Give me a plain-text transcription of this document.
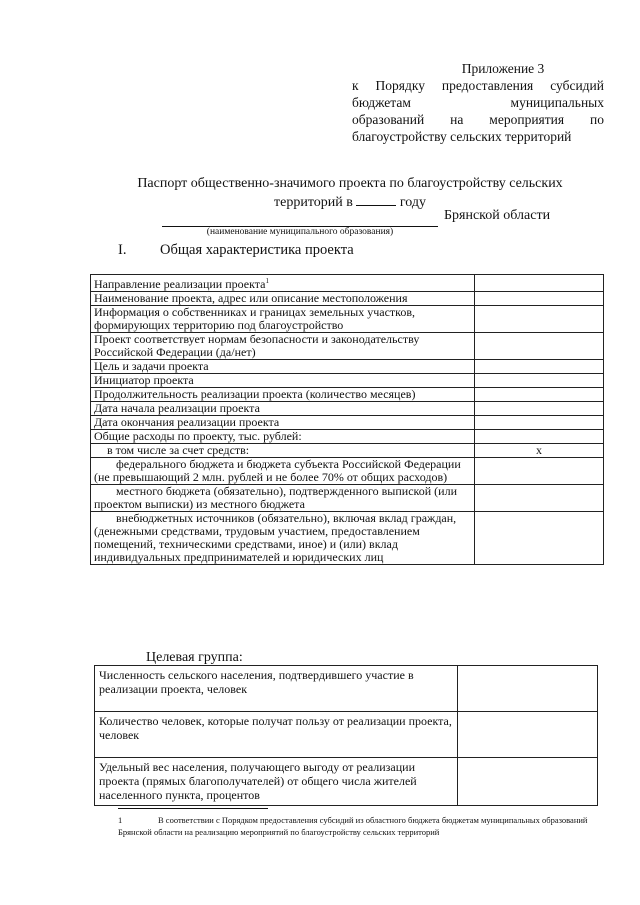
Приложение 3
к Порядку предоставления субсидий
бюджетам муниципальных
образований на мероприятия по
благоустройству сельских территорий
Паспорт общественно-значимого проекта по благоустройству сельских
территорий в	году
Брянской области
(наименование муниципального образования)
I. Общая характеристика проекта
Направление реализации проекта$^1$	
Наименование проекта, адрес или описание местоположения	
Информация о собственниках и границах земельных участков, формирующих территорию под благоустройство	
Проект соответствует нормам безопасности и законодательству Российской Федерации (да/нет)	
Цель и задачи проекта	
Инициатор проекта	
Продолжительность реализации проекта (количество месяцев)	
Дата начала реализации проекта	
Дата окончания реализации проекта	
Общие расходы по проекту, тыс. рублей:	
в том числе за счет средств:	х
федерального бюджета и бюджета субъекта Российской Федерации (не превышающий 2 млн. рублей и не более 70% от общих расходов)	
местного бюджета (обязательно), подтвержденного выпиской (или проектом выписки) из местного бюджета	
внебюджетных источников (обязательно), включая вклад граждан, (денежными средствами, трудовым участием, предоставлением помещений, техническими средствами, иное) и (или) вклад индивидуальных предпринимателей и юридических лиц	
Целевая группа:
Численность сельского населения, подтвердившего участие в реализации проекта, человек	
Количество человек, которые получат пользу от реализации проекта, человек	
Удельный вес населения, получающего выгоду от реализации проекта (прямых благополучателей) от общего числа жителей населенного пункта, процентов	
1	В соответствии с Порядком предоставления субсидий из областного бюджета бюджетам муниципальных образований Брянской области на реализацию мероприятий по благоустройству сельских территорий
